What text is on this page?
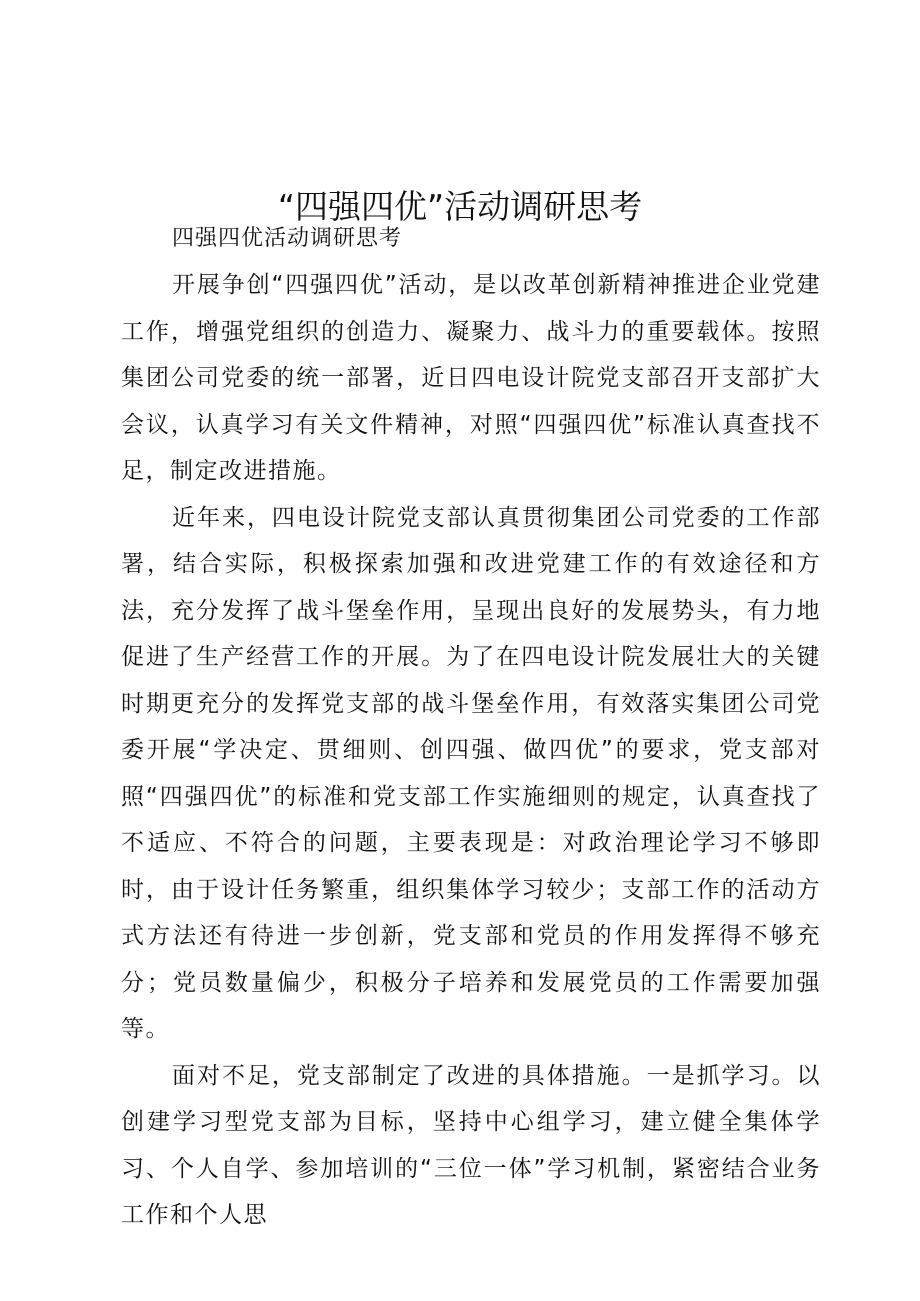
“四强四优”活动调研思考

四强四优活动调研思考

开展争创“四强四优”活动，是以改革创新精神推进企业党建工作，增强党组织的创造力、凝聚力、战斗力的重要载体。按照集团公司党委的统一部署，近日四电设计院党支部召开支部扩大会议，认真学习有关文件精神，对照“四强四优”标准认真查找不足，制定改进措施。

近年来，四电设计院党支部认真贯彻集团公司党委的工作部署，结合实际，积极探索加强和改进党建工作的有效途径和方法，充分发挥了战斗堡垒作用，呈现出良好的发展势头，有力地促进了生产经营工作的开展。为了在四电设计院发展壮大的关键时期更充分的发挥党支部的战斗堡垒作用，有效落实集团公司党委开展“学决定、贯细则、创四强、做四优”的要求，党支部对照“四强四优”的标准和党支部工作实施细则的规定，认真查找了不适应、不符合的问题，主要表现是：对政治理论学习不够即时，由于设计任务繁重，组织集体学习较少；支部工作的活动方式方法还有待进一步创新，党支部和党员的作用发挥得不够充分；党员数量偏少，积极分子培养和发展党员的工作需要加强等。

面对不足，党支部制定了改进的具体措施。一是抓学习。以创建学习型党支部为目标，坚持中心组学习，建立健全集体学习、个人自学、参加培训的“三位一体”学习机制，紧密结合业务工作和个人思
